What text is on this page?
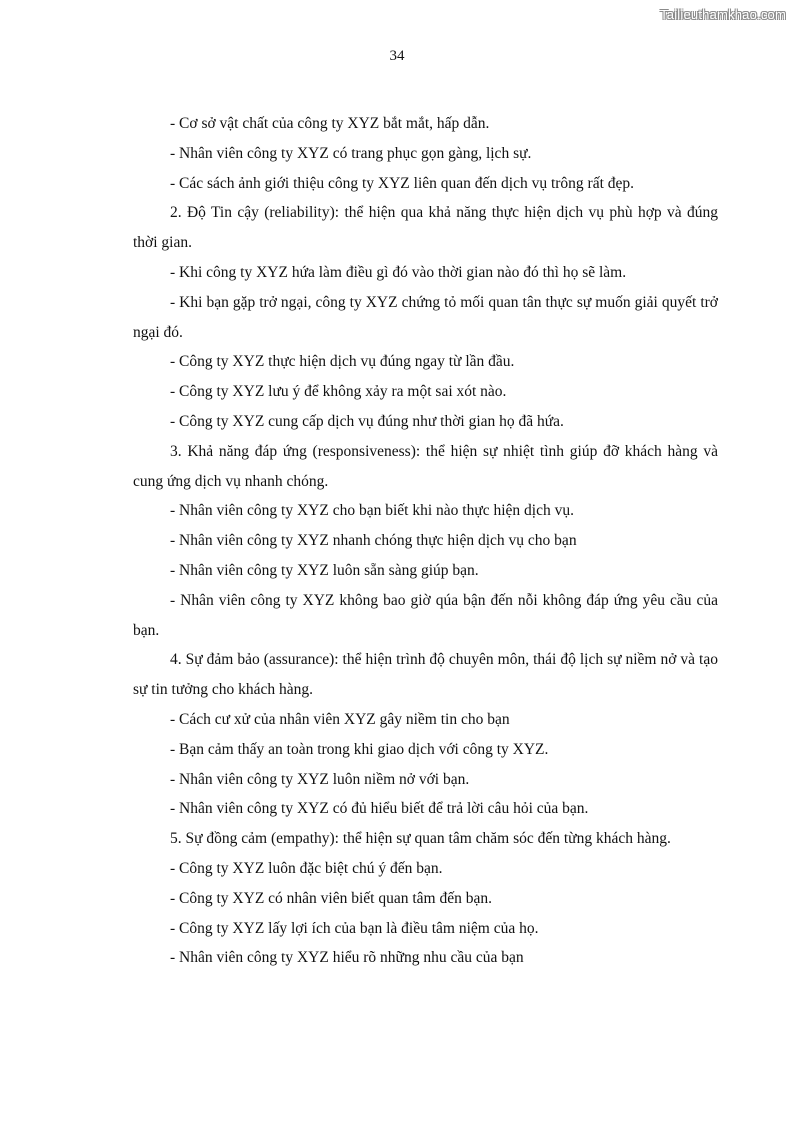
Tailieuthamkhao.com
34

- Cơ sở vật chất của công ty XYZ bắt mắt, hấp dẫn.

- Nhân viên công ty XYZ có trang phục gọn gàng, lịch sự.

- Các sách ảnh giới thiệu công ty XYZ liên quan đến dịch vụ trông rất đẹp.

2. Độ Tin cậy (reliability): thể hiện qua khả năng thực hiện dịch vụ phù hợp và đúng thời gian.

- Khi công ty XYZ hứa làm điều gì đó vào thời gian nào đó thì họ sẽ làm.

- Khi bạn gặp trở ngại, công ty XYZ chứng tỏ mối quan tân thực sự muốn giải quyết trở ngại đó.

- Công ty XYZ thực hiện dịch vụ đúng ngay từ lần đầu.

- Công ty XYZ lưu ý để không xảy ra một sai xót nào.

- Công ty XYZ cung cấp dịch vụ đúng như thời gian họ đã hứa.

3. Khả năng đáp ứng (responsiveness): thể hiện sự nhiệt tình giúp đỡ khách hàng và cung ứng dịch vụ nhanh chóng.

- Nhân viên công ty XYZ cho bạn biết khi nào thực hiện dịch vụ.

- Nhân viên công ty XYZ nhanh chóng thực hiện dịch vụ cho bạn

- Nhân viên công ty XYZ luôn sẵn sàng giúp bạn.

- Nhân viên công ty XYZ không bao giờ qúa bận đến nỗi không đáp ứng yêu cầu của bạn.

4. Sự đảm bảo (assurance): thể hiện trình độ chuyên môn, thái độ lịch sự niềm nở và tạo sự tin tưởng cho khách hàng.

- Cách cư xử của nhân viên XYZ gây niềm tin cho bạn

- Bạn cảm thấy an toàn trong khi giao dịch với công ty XYZ.

- Nhân viên công ty XYZ luôn niềm nở với bạn.

- Nhân viên công ty XYZ có đủ hiểu biết để trả lời câu hỏi của bạn.

5. Sự đồng cảm (empathy): thể hiện sự quan tâm chăm sóc đến từng khách hàng.

- Công ty XYZ luôn đặc biệt chú ý đến bạn.

- Công ty XYZ có nhân viên biết quan tâm đến bạn.

- Công ty XYZ lấy lợi ích của bạn là điều tâm niệm của họ.

- Nhân viên công ty XYZ hiểu rõ những nhu cầu của bạn
